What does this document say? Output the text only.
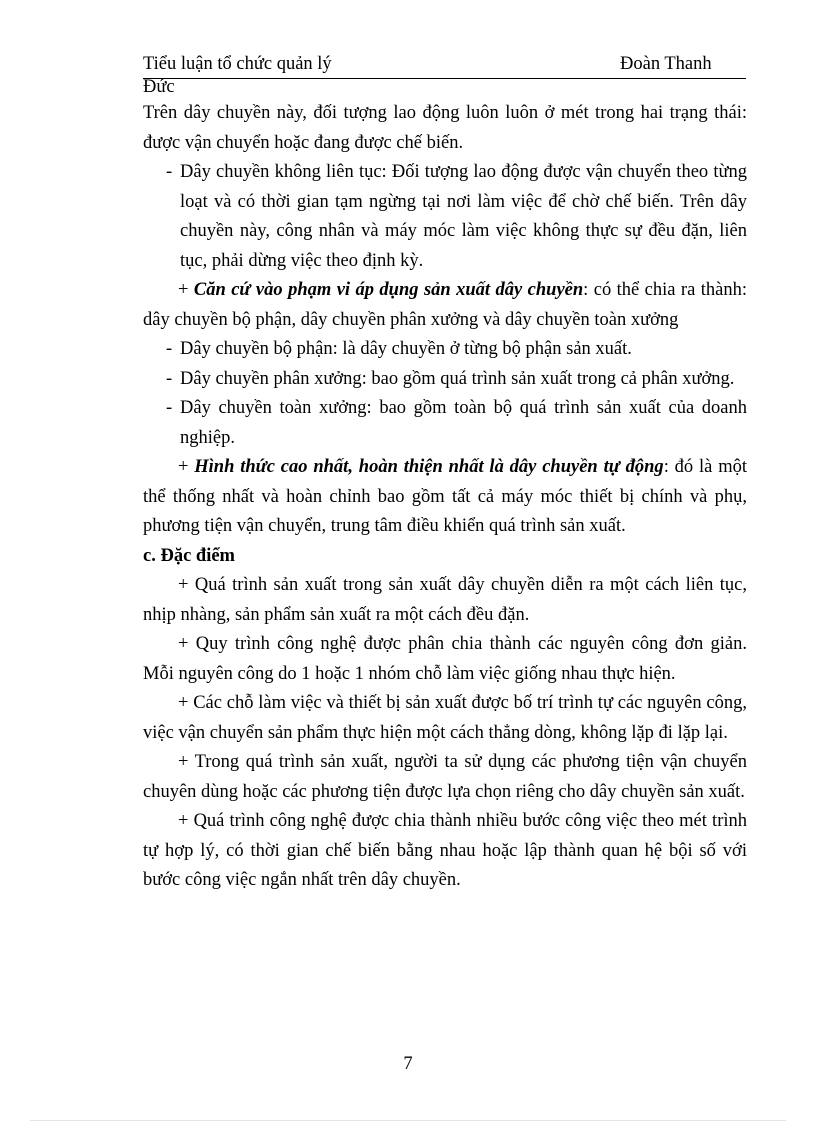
Tiểu luận tổ chức quản lý	Đoàn Thanh
Đức

Trên dây chuyền này, đối tượng lao động luôn luôn ở mét trong hai trạng thái: được vận chuyển hoặc đang được chế biến.

- Dây chuyền không liên tục: Đối tượng lao động được vận chuyển theo từng loạt và có thời gian tạm ngừng tại nơi làm việc để chờ chế biến. Trên dây chuyền này, công nhân và máy móc làm việc không thực sự đều đặn, liên tục, phải dừng việc theo định kỳ.

+ Căn cứ vào phạm vi áp dụng sản xuất dây chuyền: có thể chia ra thành: dây chuyền bộ phận, dây chuyền phân xưởng và dây chuyền toàn xưởng

- Dây chuyền bộ phận: là dây chuyền ở từng bộ phận sản xuất.

- Dây chuyền phân xưởng: bao gồm quá trình sản xuất trong cả phân xưởng.

- Dây chuyền toàn xưởng: bao gồm toàn bộ quá trình sản xuất của doanh nghiệp.

+ Hình thức cao nhất, hoàn thiện nhất là dây chuyền tự động: đó là một thể thống nhất và hoàn chỉnh bao gồm tất cả máy móc thiết bị chính và phụ, phương tiện vận chuyển, trung tâm điều khiển quá trình sản xuất.

c. Đặc điểm

+ Quá trình sản xuất trong sản xuất dây chuyền diễn ra một cách liên tục, nhịp nhàng, sản phẩm sản xuất ra một cách đều đặn.

+ Quy trình công nghệ được phân chia thành các nguyên công đơn giản. Mỗi nguyên công do 1 hoặc 1 nhóm chỗ làm việc giống nhau thực hiện.

+ Các chỗ làm việc và thiết bị sản xuất được bố trí trình tự các nguyên công, việc vận chuyển sản phẩm thực hiện một cách thẳng dòng, không lặp đi lặp lại.

+ Trong quá trình sản xuất, người ta sử dụng các phương tiện vận chuyển chuyên dùng hoặc các phương tiện được lựa chọn riêng cho dây chuyền sản xuất.

+ Quá trình công nghệ được chia thành nhiều bước công việc theo mét trình tự hợp lý, có thời gian chế biến bằng nhau hoặc lập thành quan hệ bội số với bước công việc ngắn nhất trên dây chuyền.

7
